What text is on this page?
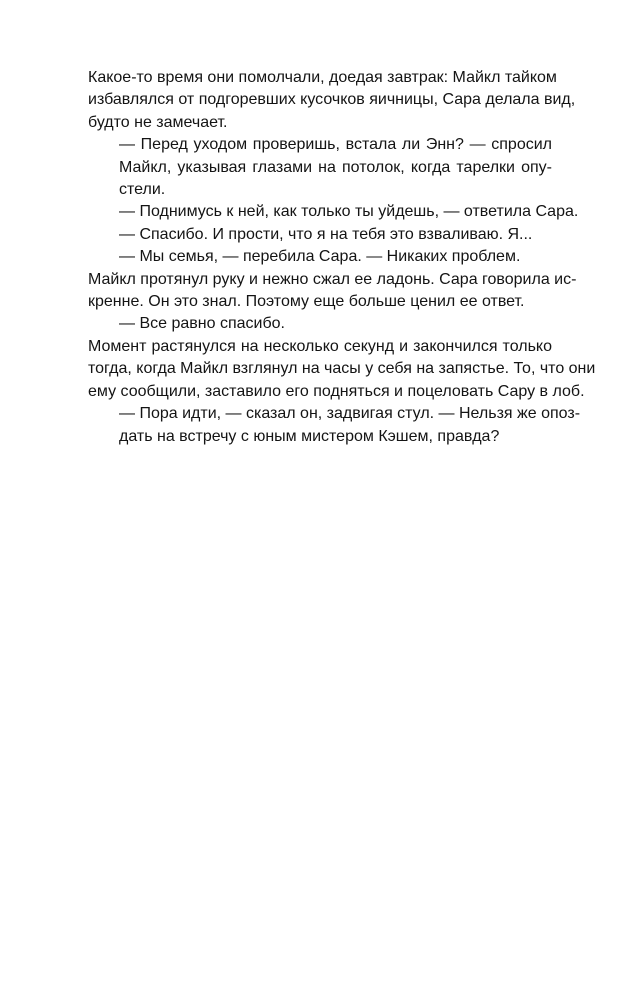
Какое-то время они помолчали, доедая завтрак: Майкл тайком
избавлялся от подгоревших кусочков яичницы, Сара делала вид,
будто не замечает.
— Перед уходом проверишь, встала ли Энн? — спросил
Майкл, указывая глазами на потолок, когда тарелки опу-
стели.
— Поднимусь к ней, как только ты уйдешь, — ответила Сара.
— Спасибо. И прости, что я на тебя это взваливаю. Я...
— Мы семья, — перебила Сара. — Никаких проблем.
Майкл протянул руку и нежно сжал ее ладонь. Сара говорила ис-
кренне. Он это знал. Поэтому еще больше ценил ее ответ.
— Все равно спасибо.
Момент растянулся на несколько секунд и закончился только
тогда, когда Майкл взглянул на часы у себя на запястье. То, что они
ему сообщили, заставило его подняться и поцеловать Сару в лоб.
— Пора идти, — сказал он, задвигая стул. — Нельзя же опоз-
дать на встречу с юным мистером Кэшем, правда?
